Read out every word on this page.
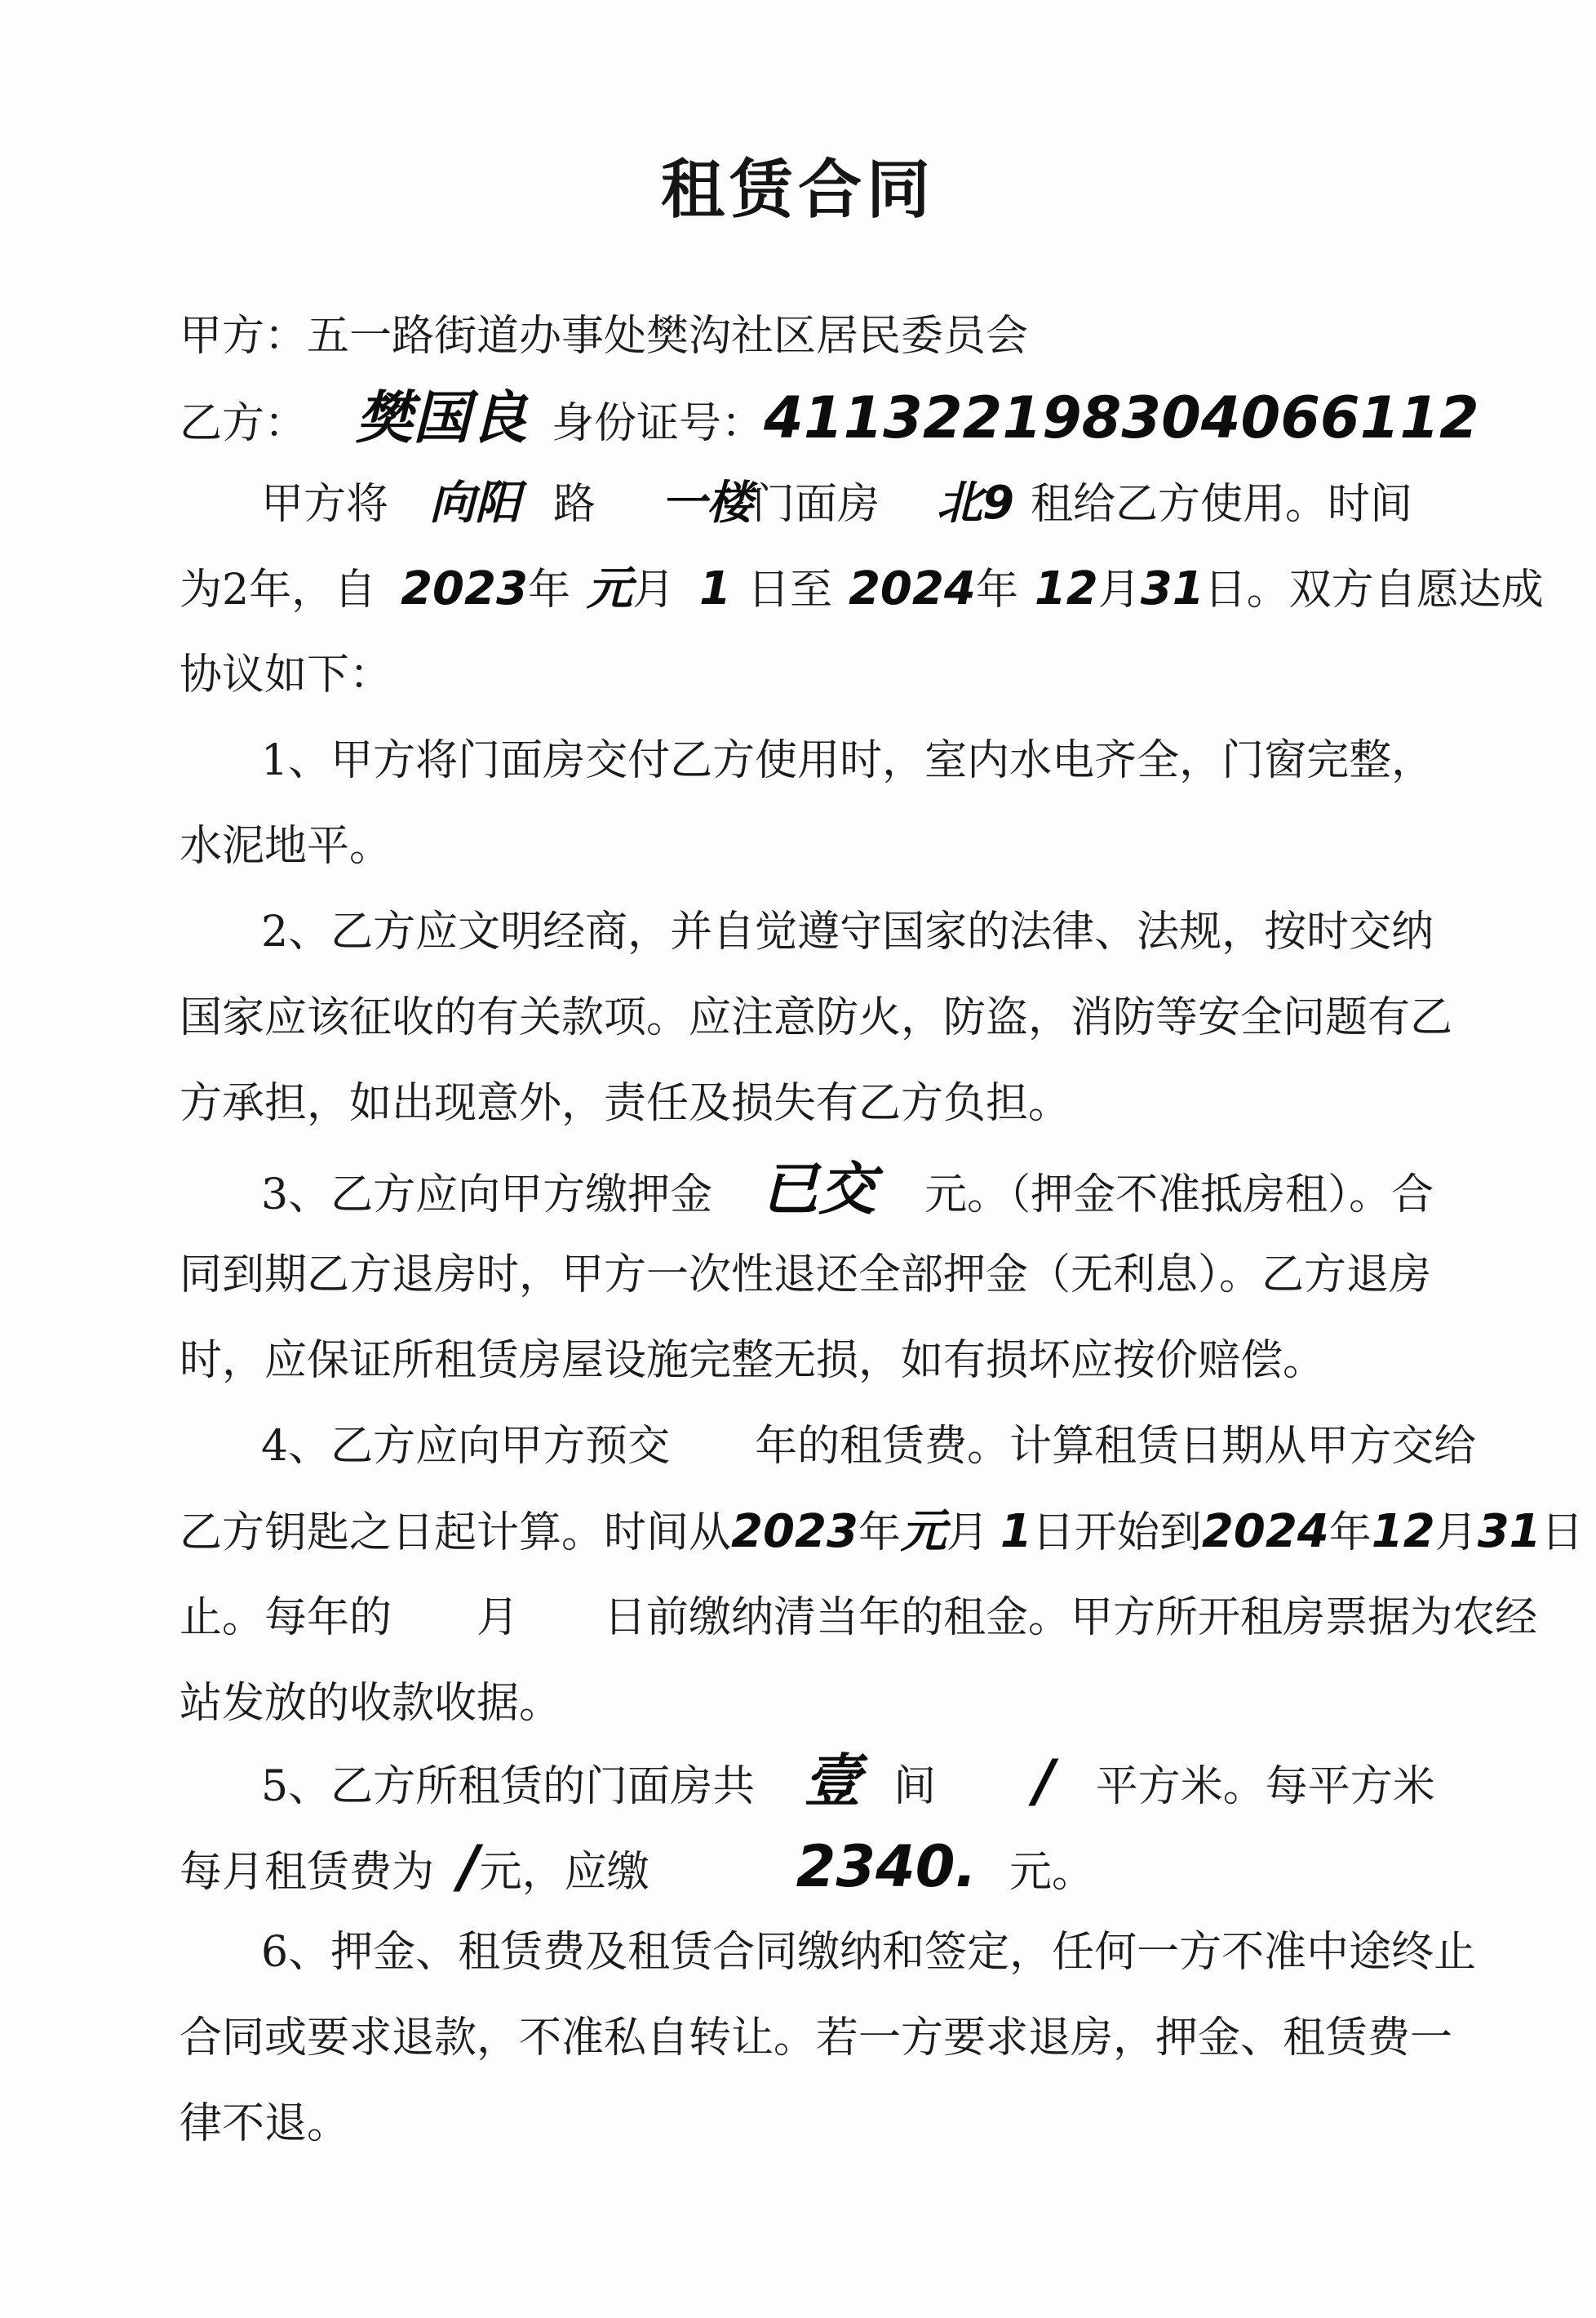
租赁合同
甲方：五一路街道办事处樊沟社区居民委员会
乙方： 樊国良 身份证号：411322198304066112
甲方将 向阳 路 一楼门面房 北9 租给乙方使用。时间
为2年，自 2023年 元月 1 日至 2024年 12月31日。双方自愿达成
协议如下：
1、甲方将门面房交付乙方使用时，室内水电齐全，门窗完整，
水泥地平。
2、乙方应文明经商，并自觉遵守国家的法律、法规，按时交纳
国家应该征收的有关款项。应注意防火，防盗，消防等安全问题有乙
方承担，如出现意外，责任及损失有乙方负担。
3、乙方应向甲方缴押金 已交 元。（押金不准抵房租）。合
同到期乙方退房时，甲方一次性退还全部押金（无利息）。乙方退房
时，应保证所租赁房屋设施完整无损，如有损坏应按价赔偿。
4、乙方应向甲方预交　　年的租赁费。计算租赁日期从甲方交给
乙方钥匙之日起计算。时间从2023年元月 1日开始到2024年12月31日
止。每年的　　月　　日前缴纳清当年的租金。甲方所开租房票据为农经
站发放的收款收据。
5、乙方所租赁的门面房共 壹 间 / 平方米。每平方米
每月租赁费为 /元，应缴	2340. 元。
6、押金、租赁费及租赁合同缴纳和签定，任何一方不准中途终止
合同或要求退款，不准私自转让。若一方要求退房，押金、租赁费一
律不退。
